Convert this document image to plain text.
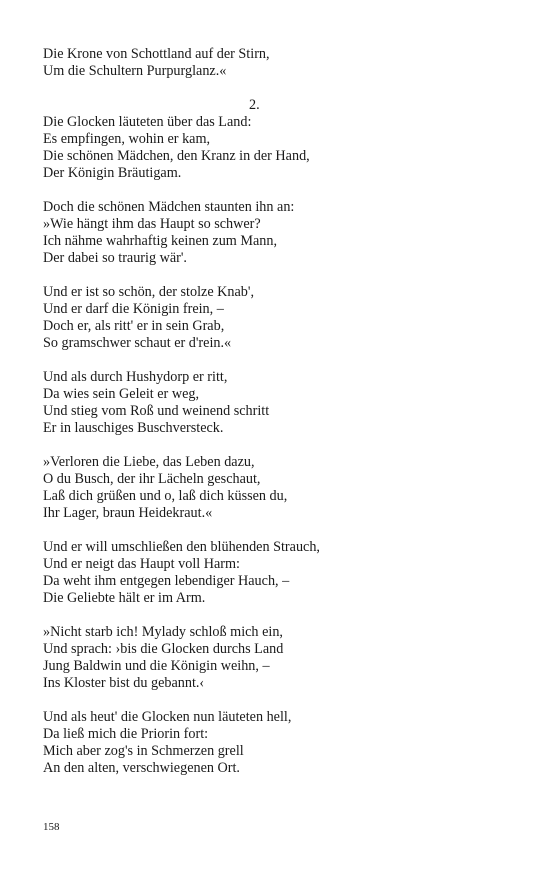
Die Krone von Schottland auf der Stirn,
Um die Schultern Purpurglanz.«
2.
Die Glocken läuteten über das Land:
Es empfingen, wohin er kam,
Die schönen Mädchen, den Kranz in der Hand,
Der Königin Bräutigam.
Doch die schönen Mädchen staunten ihn an:
»Wie hängt ihm das Haupt so schwer?
Ich nähme wahrhaftig keinen zum Mann,
Der dabei so traurig wär'.
Und er ist so schön, der stolze Knab',
Und er darf die Königin frein, –
Doch er, als ritt' er in sein Grab,
So gramschwer schaut er d'rein.«
Und als durch Hushydorp er ritt,
Da wies sein Geleit er weg,
Und stieg vom Roß und weinend schritt
Er in lauschiges Buschversteck.
»Verloren die Liebe, das Leben dazu,
O du Busch, der ihr Lächeln geschaut,
Laß dich grüßen und o, laß dich küssen du,
Ihr Lager, braun Heidekraut.«
Und er will umschließen den blühenden Strauch,
Und er neigt das Haupt voll Harm:
Da weht ihm entgegen lebendiger Hauch, –
Die Geliebte hält er im Arm.
»Nicht starb ich! Mylady schloß mich ein,
Und sprach: ›bis die Glocken durchs Land
Jung Baldwin und die Königin weihn, –
Ins Kloster bist du gebannt.‹
Und als heut' die Glocken nun läuteten hell,
Da ließ mich die Priorin fort:
Mich aber zog's in Schmerzen grell
An den alten, verschwiegenen Ort.
158
